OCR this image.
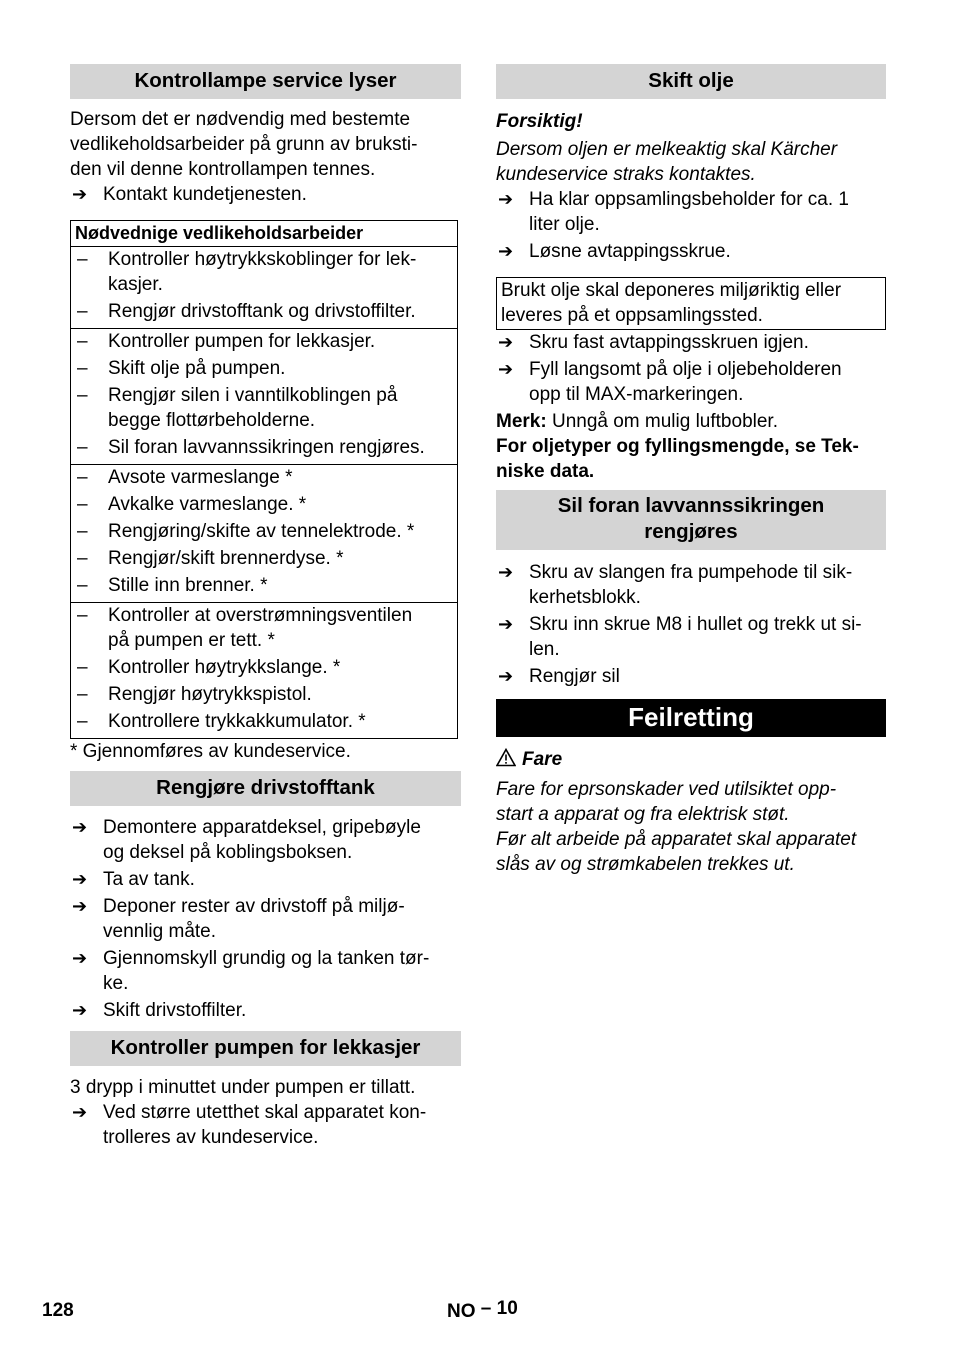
Kontrollampe service lyser

Dersom det er nødvendig med bestemte
vedlikeholdsarbeider på grunn av bruksti-
den vil denne kontrollampen tennes.

➔ Kontakt kundetjenesten.
Nødvednige vedlikeholdsarbeider

– Kontroller høytrykkskoblinger for lek-
kasjer.
– Rengjør drivstofftank og drivstoffilter.

– Kontroller pumpen for lekkasjer.
– Skift olje på pumpen.
– Rengjør silen i vanntilkoblingen på
begge flottørbeholderne.
– Sil foran lavvannssikringen rengjøres.

– Avsote varmeslange *
– Avkalke varmeslange. *
– Rengjøring/skifte av tennelektrode. *
– Rengjør/skift brennerdyse. *
– Stille inn brenner. *

– Kontroller at overstrømningsventilen
på pumpen er tett. *
– Kontroller høytrykkslange. *
– Rengjør høytrykkspistol.
– Kontrollere trykkakkumulator. *

* Gjennomføres av kundeservice.

Rengjøre drivstofftank
➔ Demontere apparatdeksel, gripebøyle
og deksel på koblingsboksen.
➔ Ta av tank.
➔ Deponer rester av drivstoff på miljø-
vennlig måte.
➔ Gjennomskyll grundig og la tanken tør-
ke.
➔ Skift drivstoffilter.
Kontroller pumpen for lekkasjer

3 drypp i minuttet under pumpen er tillatt.

➔ Ved større utetthet skal apparatet kon-
trolleres av kundeservice.
Skift olje

Forsiktig!

Dersom oljen er melkeaktig skal Kärcher
kundeservice straks kontaktes.

➔ Ha klar oppsamlingsbeholder for ca. 1
liter olje.
➔ Løsne avtappingsskrue.
Brukt olje skal deponeres miljøriktig eller
leveres på et oppsamlingssted.
➔ Skru fast avtappingsskruen igjen.
➔ Fyll langsomt på olje i oljebeholderen
opp til MAX-markeringen.

Merk: Unngå om mulig luftbobler.

For oljetyper og fyllingsmengde, se Tek-
niske data.

Sil foran lavvannssikringen
rengjøres
➔ Skru av slangen fra pumpehode til sik-
kerhetsblokk.
➔ Skru inn skrue M8 i hullet og trekk ut si-
len.
➔ Rengjør sil
Feilretting

Fare

Fare for eprsonskader ved utilsiktet opp-
start a apparat og fra elektrisk støt.
Før alt arbeide på apparatet skal apparatet
slås av og strømkabelen trekkes ut.

128	NO – 10
